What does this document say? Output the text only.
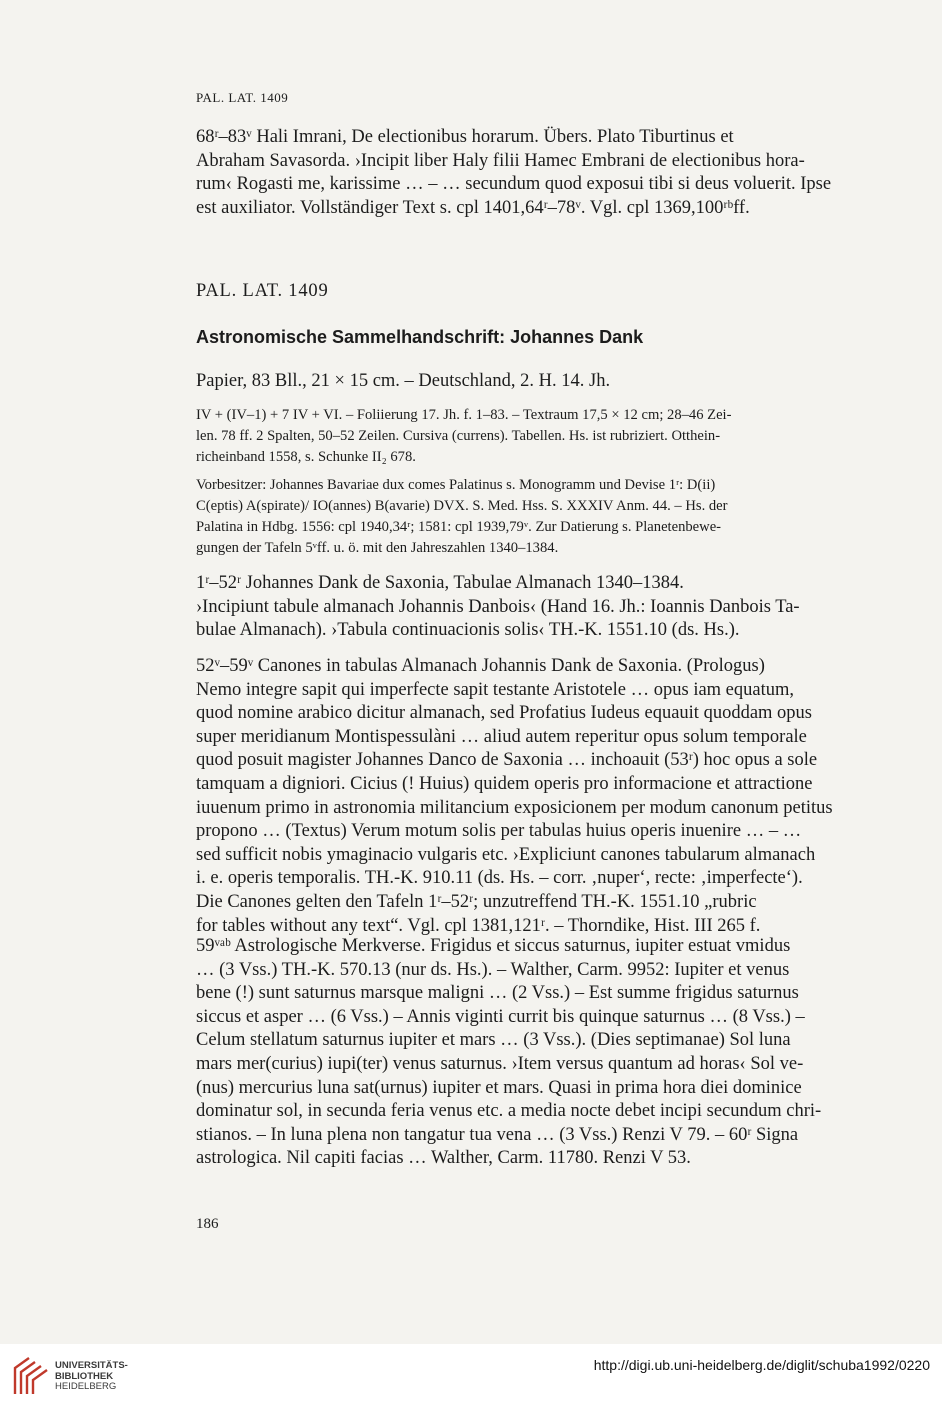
PAL. LAT. 1409

68ʳ–83ᵛ Hali Imrani, De electionibus horarum. Übers. Plato Tiburtinus et

Abraham Savasorda. ›Incipit liber Haly filii Hamec Embrani de electionibus hora-

rum‹ Rogasti me, karissime … – … secundum quod exposui tibi si deus voluerit. Ipse

est auxiliator. Vollständiger Text s. cpl 1401,64ʳ–78ᵛ. Vgl. cpl 1369,100ʳᵇff.

PAL. LAT. 1409
Astronomische Sammelhandschrift: Johannes Dank

Papier, 83 Bll., 21 × 15 cm. – Deutschland, 2. H. 14. Jh.

IV + (IV–1) + 7 IV + VI. – Foliierung 17. Jh. f. 1–83. – Textraum 17,5 × 12 cm; 28–46 Zei-

len. 78 ff. 2 Spalten, 50–52 Zeilen. Cursiva (currens). Tabellen. Hs. ist rubriziert. Otthein-

richeinband 1558, s. Schunke II₂ 678.

Vorbesitzer: Johannes Bavariae dux comes Palatinus s. Monogramm und Devise 1ʳ: D(ii)

C(eptis) A(spirate)/ IO(annes) B(avarie) DVX. S. Med. Hss. S. XXXIV Anm. 44. – Hs. der

Palatina in Hdbg. 1556: cpl 1940,34ʳ; 1581: cpl 1939,79ᵛ. Zur Datierung s. Planetenbewe-

gungen der Tafeln 5ᵛff. u. ö. mit den Jahreszahlen 1340–1384.

1ʳ–52ʳ Johannes Dank de Saxonia, Tabulae Almanach 1340–1384.

›Incipiunt tabule almanach Johannis Danbois‹ (Hand 16. Jh.: Ioannis Danbois Ta-

bulae Almanach). ›Tabula continuacionis solis‹ TH.-K. 1551.10 (ds. Hs.).

52ᵛ–59ᵛ Canones in tabulas Almanach Johannis Dank de Saxonia. (Prologus)

Nemo integre sapit qui imperfecte sapit testante Aristotele … opus iam equatum,

quod nomine arabico dicitur almanach, sed Profatius Iudeus equauit quoddam opus

super meridianum Montispessulàni … aliud autem reperitur opus solum temporale

quod posuit magister Johannes Danco de Saxonia … inchoauit (53ʳ) hoc opus a sole

tamquam a digniori. Cicius (! Huius) quidem operis pro informacione et attractione

iuuenum primo in astronomia militancium exposicionem per modum canonum petitus

propono … (Textus) Verum motum solis per tabulas huius operis inuenire … – …

sed sufficit nobis ymaginacio vulgaris etc. ›Expliciunt canones tabularum almanach

i. e. operis temporalis. TH.-K. 910.11 (ds. Hs. – corr. ‚nuper‘, recte: ‚imperfecte‘).

Die Canones gelten den Tafeln 1ʳ–52ʳ; unzutreffend TH.-K. 1551.10 „rubric

for tables without any text“. Vgl. cpl 1381,121ʳ. – Thorndike, Hist. III 265 f.

59ᵛᵃᵇ Astrologische Merkverse. Frigidus et siccus saturnus, iupiter estuat vmidus

… (3 Vss.) TH.-K. 570.13 (nur ds. Hs.). – Walther, Carm. 9952: Iupiter et venus

bene (!) sunt saturnus marsque maligni … (2 Vss.) – Est summe frigidus saturnus

siccus et asper … (6 Vss.) – Annis viginti currit bis quinque saturnus … (8 Vss.) –

Celum stellatum saturnus iupiter et mars … (3 Vss.). (Dies septimanae) Sol luna

mars mer(curius) iupi(ter) venus saturnus. ›Item versus quantum ad horas‹ Sol ve-

(nus) mercurius luna sat(urnus) iupiter et mars. Quasi in prima hora diei dominice

dominatur sol, in secunda feria venus etc. a media nocte debet incipi secundum chri-

stianos. – In luna plena non tangatur tua vena … (3 Vss.) Renzi V 79. – 60ʳ Signa

astrologica. Nil capiti facias … Walther, Carm. 11780. Renzi V 53.

186
UNIVERSITÄTS-
BIBLIOTHEK
HEIDELBERG
http://digi.ub.uni-heidelberg.de/diglit/schuba1992/0220
